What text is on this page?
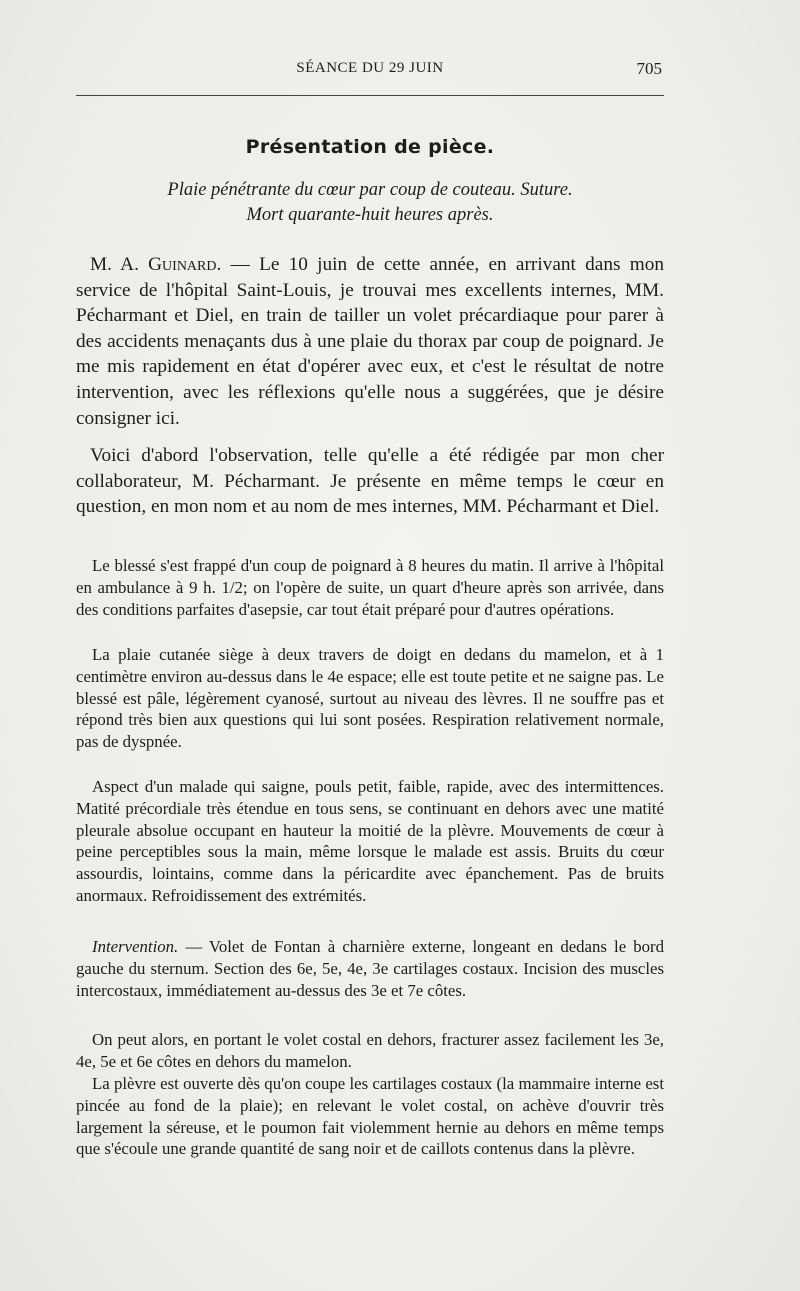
SÉANCE DU 29 JUIN	705
Présentation de pièce.
Plaie pénétrante du cœur par coup de couteau. Suture.
Mort quarante-huit heures après.
M. A. Guinard. — Le 10 juin de cette année, en arrivant dans mon service de l'hôpital Saint-Louis, je trouvai mes excellents internes, MM. Pécharmant et Diel, en train de tailler un volet précardiaque pour parer à des accidents menaçants dus à une plaie du thorax par coup de poignard. Je me mis rapidement en état d'opérer avec eux, et c'est le résultat de notre intervention, avec les réflexions qu'elle nous a suggérées, que je désire consigner ici.
Voici d'abord l'observation, telle qu'elle a été rédigée par mon cher collaborateur, M. Pécharmant. Je présente en même temps le cœur en question, en mon nom et au nom de mes internes, MM. Pécharmant et Diel.
Le blessé s'est frappé d'un coup de poignard à 8 heures du matin. Il arrive à l'hôpital en ambulance à 9 h. 1/2; on l'opère de suite, un quart d'heure après son arrivée, dans des conditions parfaites d'asepsie, car tout était préparé pour d'autres opérations.
La plaie cutanée siège à deux travers de doigt en dedans du mamelon, et à 1 centimètre environ au-dessus dans le 4e espace; elle est toute petite et ne saigne pas. Le blessé est pâle, légèrement cyanosé, surtout au niveau des lèvres. Il ne souffre pas et répond très bien aux questions qui lui sont posées. Respiration relativement normale, pas de dyspnée.
Aspect d'un malade qui saigne, pouls petit, faible, rapide, avec des intermittences. Matité précordiale très étendue en tous sens, se continuant en dehors avec une matité pleurale absolue occupant en hauteur la moitié de la plèvre. Mouvements de cœur à peine perceptibles sous la main, même lorsque le malade est assis. Bruits du cœur assourdis, lointains, comme dans la péricardite avec épanchement. Pas de bruits anormaux. Refroidissement des extrémités.
Intervention. — Volet de Fontan à charnière externe, longeant en dedans le bord gauche du sternum. Section des 6e, 5e, 4e, 3e cartilages costaux. Incision des muscles intercostaux, immédiatement au-dessus des 3e et 7e côtes.
On peut alors, en portant le volet costal en dehors, fracturer assez facilement les 3e, 4e, 5e et 6e côtes en dehors du mamelon.
La plèvre est ouverte dès qu'on coupe les cartilages costaux (la mammaire interne est pincée au fond de la plaie); en relevant le volet costal, on achève d'ouvrir très largement la séreuse, et le poumon fait violemment hernie au dehors en même temps que s'écoule une grande quantité de sang noir et de caillots contenus dans la plèvre.
